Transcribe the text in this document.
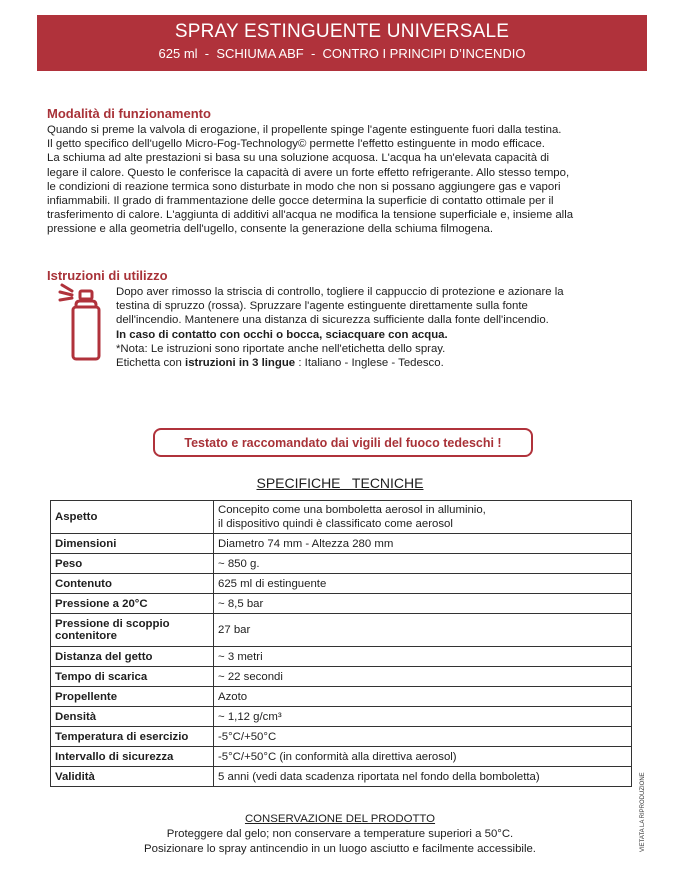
SPRAY ESTINGUENTE UNIVERSALE
625 ml  -  SCHIUMA ABF  -  CONTRO I PRINCIPI D’INCENDIO
Modalità di funzionamento
Quando si preme la valvola di erogazione, il propellente spinge l'agente estinguente fuori dalla testina.
Il getto specifico dell'ugello Micro-Fog-Technology© permette l'effetto estinguente in modo efficace.
La schiuma ad alte prestazioni si basa su una soluzione acquosa. L'acqua ha un'elevata capacità di
legare il calore. Questo le conferisce la capacità di avere un forte effetto refrigerante. Allo stesso tempo,
le condizioni di reazione termica sono disturbate in modo che non si possano aggiungere gas e vapori
infiammabili. Il grado di frammentazione delle gocce determina la superficie di contatto ottimale per il
trasferimento di calore. L'aggiunta di additivi all'acqua ne modifica la tensione superficiale e, insieme alla
pressione e alla geometria dell'ugello, consente la generazione della schiuma filmogena.
Istruzioni di utilizzo
Dopo aver rimosso la striscia di controllo, togliere il cappuccio di protezione e azionare la
testina di spruzzo (rossa). Spruzzare l'agente estinguente direttamente sulla fonte
dell'incendio. Mantenere una distanza di sicurezza sufficiente dalla fonte dell'incendio.
In caso di contatto con occhi o bocca, sciacquare con acqua.
*Nota: Le istruzioni sono riportate anche nell'etichetta dello spray.
Etichetta con istruzioni in 3 lingue : Italiano - Inglese - Tedesco.
Testato e raccomandato dai vigili del fuoco tedeschi !
SPECIFICHE   TECNICHE
Aspetto	Concepito come una bomboletta aerosol in alluminio,
il dispositivo quindi è classificato come aerosol

Dimensioni	Diametro 74 mm - Altezza 280 mm
Peso	~ 850 g.
Contenuto	625 ml di estinguente
Pressione a 20°C	~ 8,5 bar

Pressione di scoppio
contenitore	27 bar
Distanza del getto	~ 3 metri
Tempo di scarica	~ 22 secondi
Propellente	Azoto
Densità	~ 1,12 g/cm³
Temperatura di esercizio	-5°C/+50°C
Intervallo di sicurezza	-5°C/+50°C (in conformità alla direttiva aerosol)
Validità	5 anni (vedi data scadenza riportata nel fondo della bomboletta)	VIETATA LA RIPRODUZIONE
CONSERVAZIONE DEL PRODOTTO
Proteggere dal gelo; non conservare a temperature superiori a 50°C.
Posizionare lo spray antincendio in un luogo asciutto e facilmente accessibile.
